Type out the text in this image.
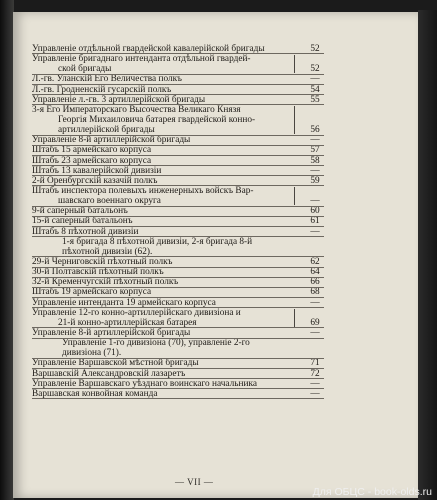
Управленіе отдѣльной гвардейской кавалерійской бригады
Управленіе бригаднаго интенданта отдѣльной гвардей-
ской бригады
Л.-гв. Уланскій Его Величества полкъ
Л.-гв. Гродненскій гусарскій полкъ
Управленіе л.-гв. 3 артиллерійской бригады
3-я Его Императорскаго Высочества Великаго Князя
Георгія Михаиловича батарея гвардейской конно-
артиллерійской бригады
Управленіе 8-й артиллерійской бригады
Штабъ 15 армейскаго корпуса
Штабъ 23 армейскаго корпуса
Штабъ 13 кавалерійской дивизіи
2-й Оренбургскій казачій полкъ
Штабъ инспектора полевыхъ инженерныхъ войскъ Вар-
шавскаго военнаго округа
9-й саперный батальонъ
15-й саперный батальонъ
Штабъ 8 пѣхотной дивизіи
1-я бригада 8 пѣхотной дивизіи, 2-я бригада 8-й
пѣхотной дивизіи (62).
29-й Черниговскій пѣхотный полкъ
30-й Полтавскій пѣхотный полкъ
32-й Кременчугскій пѣхотный полкъ
Штабъ 19 армейскаго корпуса
Управленіе интенданта 19 армейскаго корпуса
Управленіе 12-го конно-артиллерійскаго дивизіона и
21-й конно-артиллерійская батарея
Управленіе 8-й артиллерійской бригады
Управленіе 1-го дивизіона (70), управленіе 2-го
дивизіона (71).
Управленіе Варшавской мѣстной бригады
Варшавскій Александровскій лазаретъ
Управленіе Варшавскаго уѣзднаго воинскаго начальника
Варшавская конвойная команда
52
52
—
54
55
56
—
57
58
—
59
—
60
61
—
62
64
66
68
—
69
—
71
72
—
—
— VII —
Для ОБЦС - book-olds.ru
